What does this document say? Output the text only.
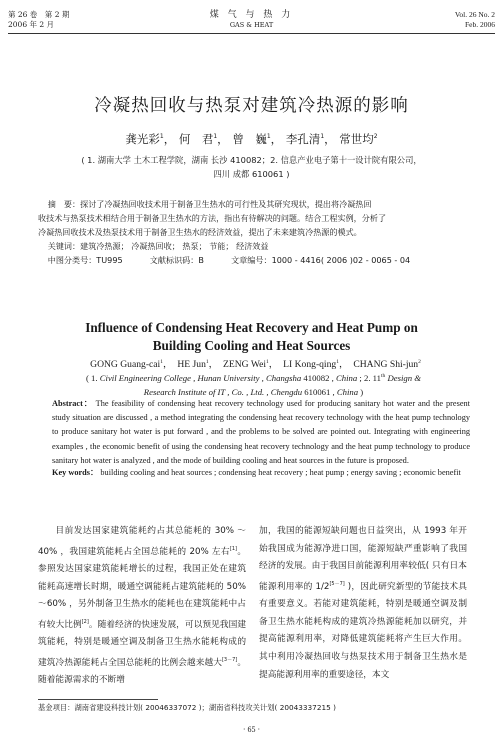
第 26 卷　第 2 期
2006 年 2 月
煤 气 与 热 力
GAS & HEAT
Vol. 26 No. 2
Feb. 2006
冷凝热回收与热泵对建筑冷热源的影响
龚光彩$^1$， 何　君$^1$， 曾　巍$^1$， 李孔清$^1$， 常世均$^2$
( 1. 湖南大学 土木工程学院，湖南 长沙 410082；2. 信息产业电子第十一设计院有限公司，
四川 成都 610061 )

摘　要：探讨了冷凝热回收技术用于制备卫生热水的可行性及其研究现状，提出将冷凝热回

收技术与热泵技术相结合用于制备卫生热水的方法，指出有待解决的问题。结合工程实例，分析了

冷凝热回收技术及热泵技术用于制备卫生热水的经济效益，提出了未来建筑冷热源的模式。

关键词：建筑冷热源； 冷凝热回收； 热泵； 节能； 经济效益

中图分类号：TU995	文献标识码：B	文章编号：1000 - 4416( 2006 )02 - 0065 - 04

Influence of Condensing Heat Recovery and Heat Pump on
Building Cooling and Heat Sources
GONG Guang-cai$^1$，  HE Jun$^1$，  ZENG Wei$^1$，  LI Kong-qing$^1$，  CHANG Shi-jun$^2$
( 1. Civil Engineering College , Hunan University , Changsha 410082 , China ; 2. 11th Design &
Research Institute of IT , Co. , Ltd. , Chengdu 610061 , China )
Abstract： The feasibility of condensing heat recovery technology used for producing sanitary hot water and the present study situation are discussed , a method integrating the condensing heat recovery technology with the heat pump technology to produce sanitary hot water is put forward , and the problems to be solved are pointed out. Integrating with engineering examples , the economic benefit of using the condensing heat recovery technology and the heat pump technology to produce sanitary hot water is analyzed , and the mode of building cooling and heat sources in the future is proposed.
Key words： building cooling and heat sources ; condensing heat recovery ; heat pump ; energy saving ; economic benefit

目前发达国家建筑能耗约占其总能耗的 30% ～40% ，我国建筑能耗占全国总能耗的 20% 左右[1]。参照发达国家建筑能耗增长的过程，我国正处在建筑能耗高速增长时期，暖通空调能耗占建筑能耗的 50% ～60% ，另外制备卫生热水的能耗也在建筑能耗中占有较大比例[2]。随着经济的快速发展，可以预见我国建筑能耗，特别是暖通空调及制备卫生热水能耗构成的建筑冷热源能耗占全国总能耗的比例会越来越大[3－7]。随着能源需求的不断增

加，我国的能源短缺问题也日益突出，从 1993 年开始我国成为能源净进口国，能源短缺严重影响了我国经济的发展。由于我国目前能源利用率较低( 只有日本能源利用率的 1/2[5－7] )，因此研究新型的节能技术具有重要意义。若能对建筑能耗，特别是暖通空调及制备卫生热水能耗构成的建筑冷热源能耗加以研究，并提高能源利用率，对降低建筑能耗将产生巨大作用。其中利用冷凝热回收与热泵技术用于制备卫生热水是提高能源利用率的重要途径，本文

基金项目：湖南省建设科技计划( 20046337072 )；湖南省科技攻关计划( 20043337215 )
· 65 ·
